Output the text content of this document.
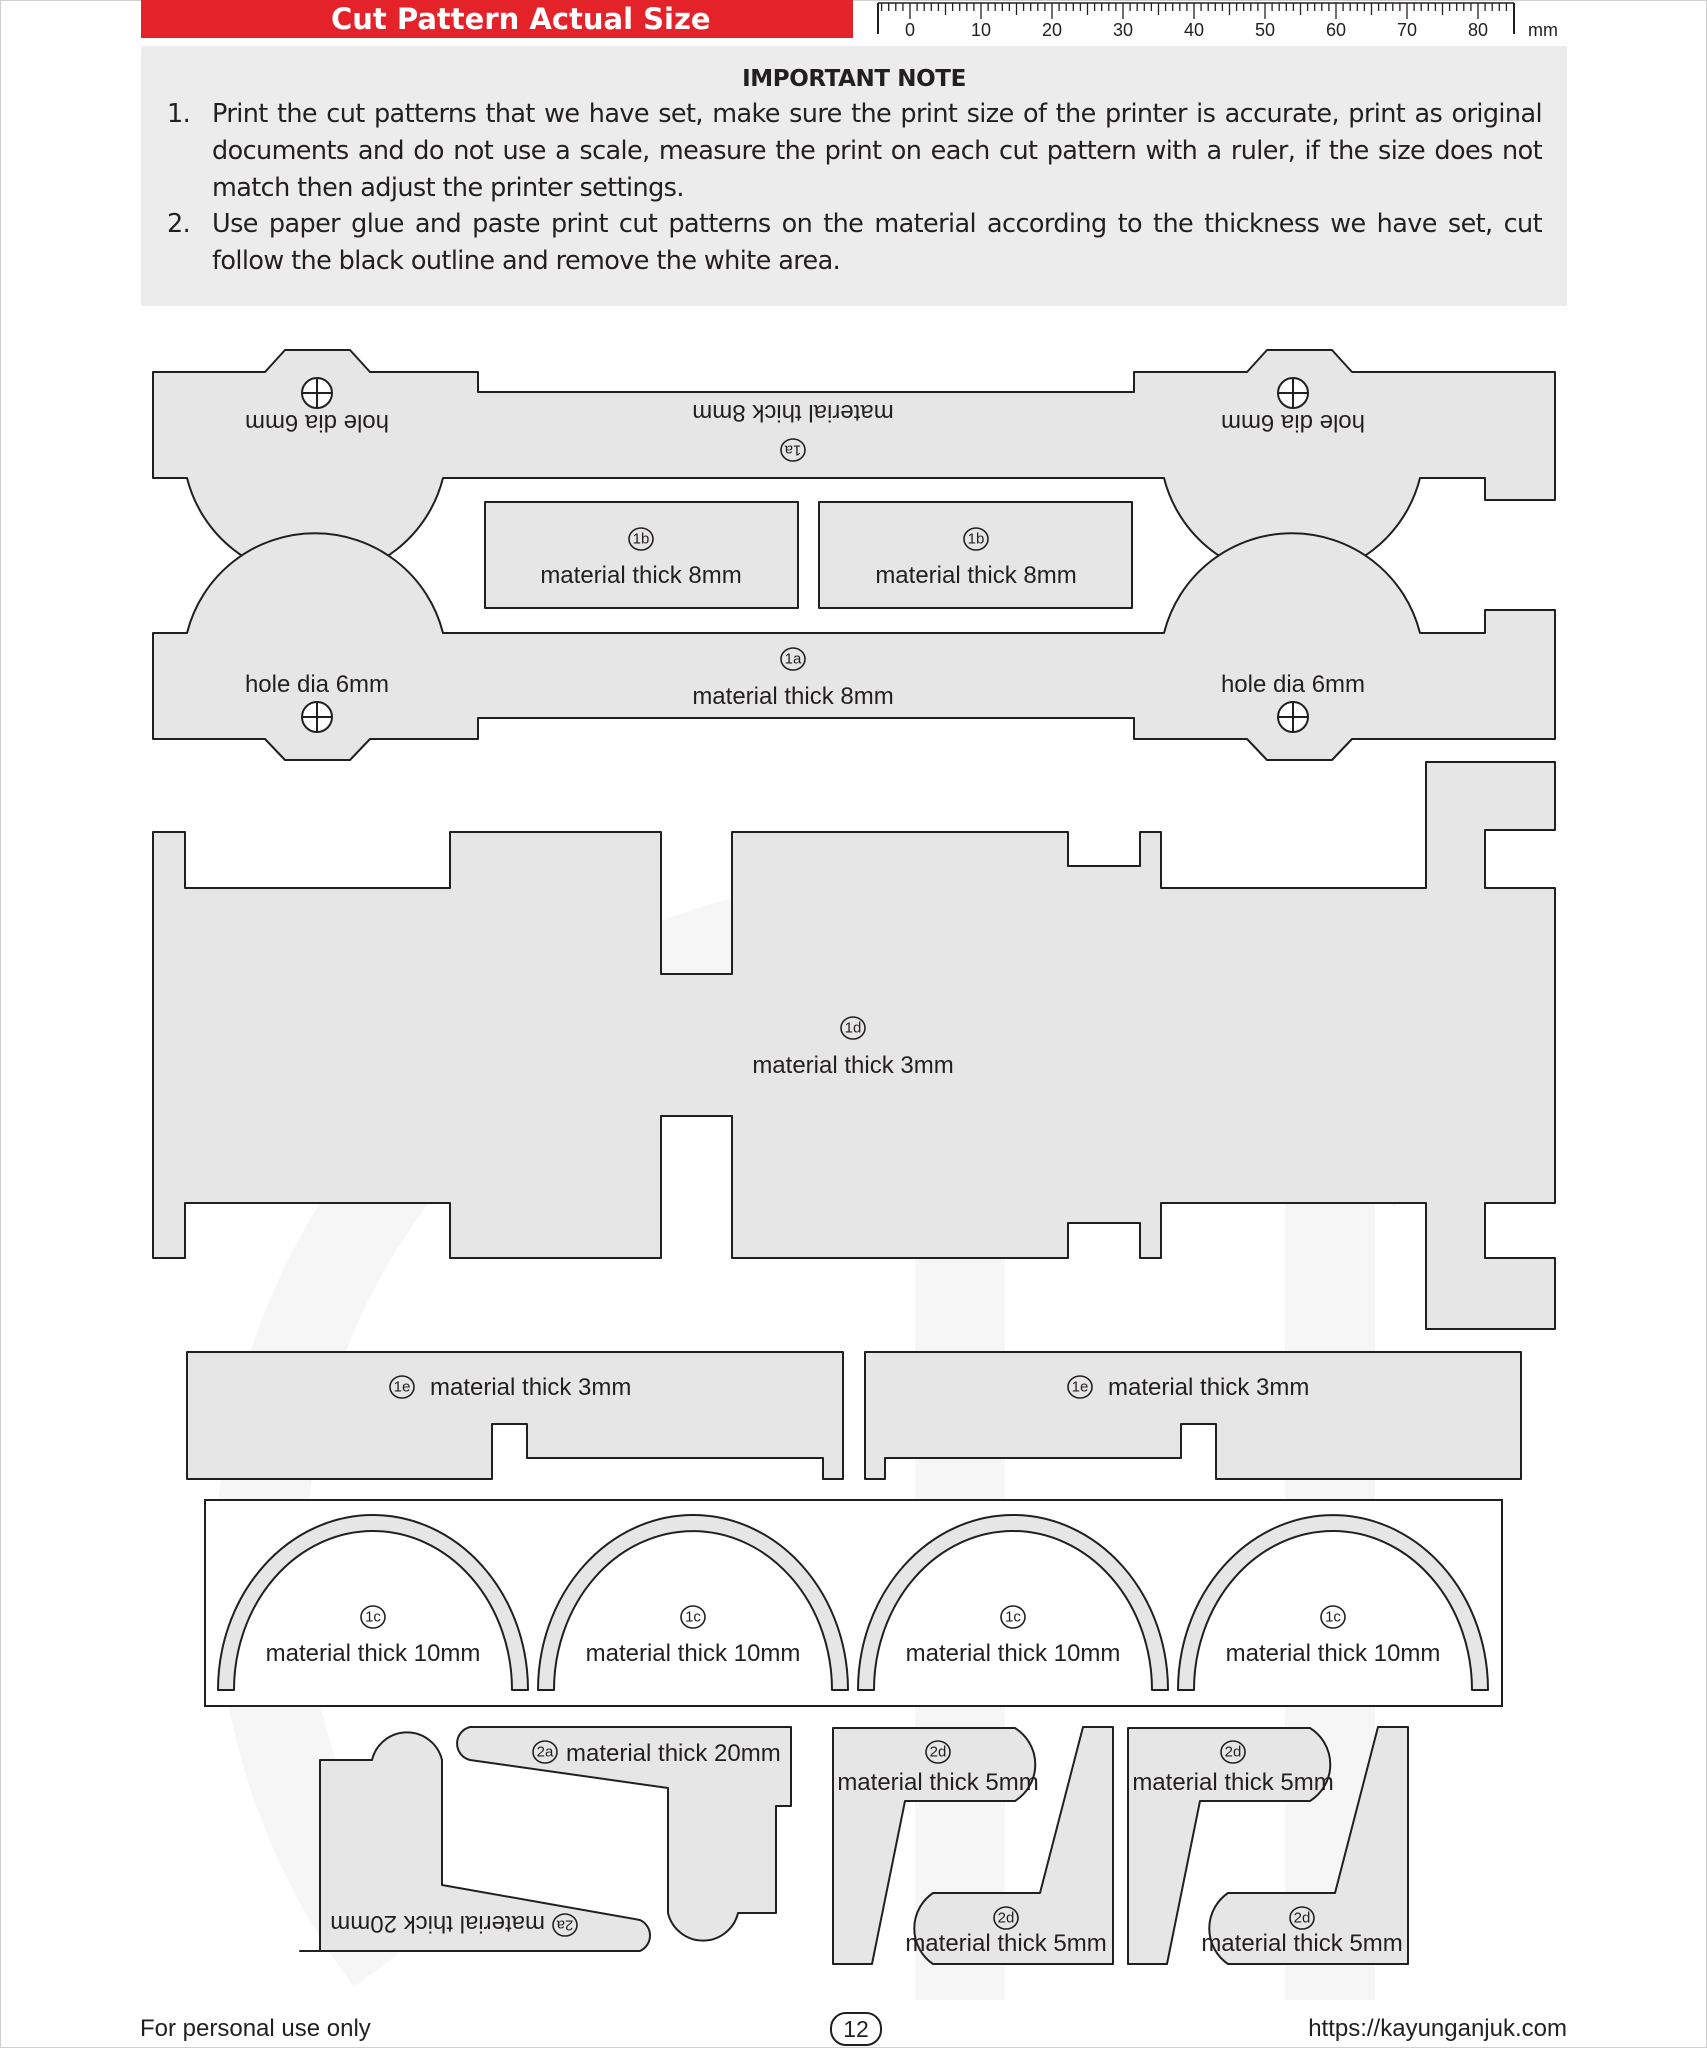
Cut Pattern Actual Size	0	10	20	30	40	50	60	70	80 mm
IMPORTANT NOTE
1. Print the cut patterns that we have set, make sure the print size of the printer is accurate, print as original documents and do not use a scale, measure the print on each cut pattern with a ruler, if the size does not match then adjust the printer settings.
2. Use paper glue and paste print cut patterns on the material according to the thickness we have set, cut follow the black outline and remove the white area.
1a
material thick 8mm
hole dia 6mm	hole dia 6mm
1b
material thick 8mm
1b
material thick 8mm
1a
material thick 8mm
hole dia 6mm	hole dia 6mm
1d
material thick 3mm
1e material thick 3mm	1e material thick 3mm
1c
material thick 10mm
1c
material thick 10mm
1c
material thick 10mm
1c
material thick 10mm
2a material thick 20mm
2a
material thick 20mm
2d
material thick 5mm
2d
material thick 5mm
2d
material thick 5mm
2d
material thick 5mm
For personal use only	12	https://kayunganjuk.com
